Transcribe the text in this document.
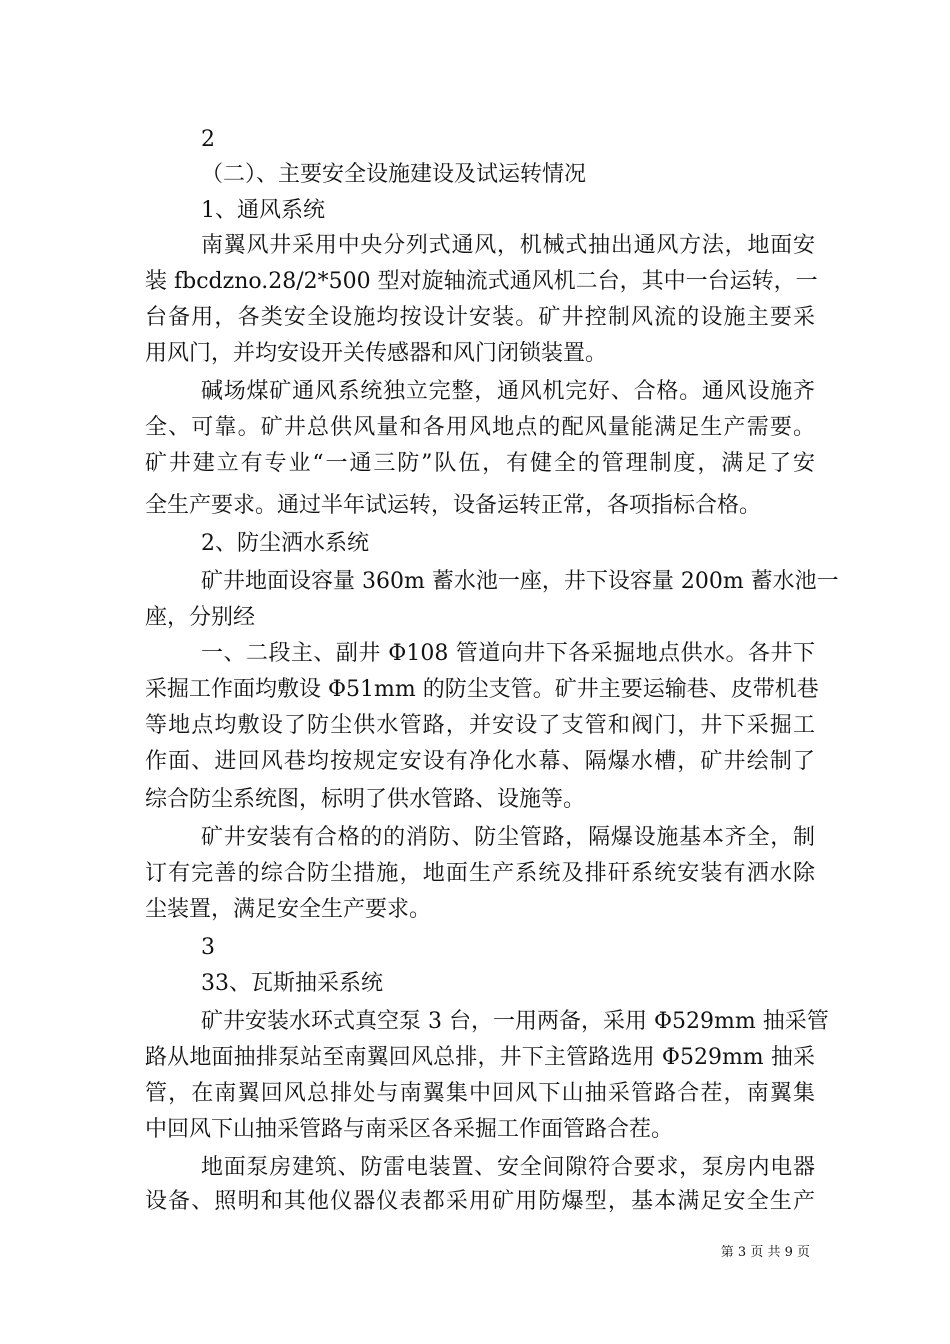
2
（二）、主要安全设施建设及试运转情况
1、通风系统
南翼风井采用中央分列式通风，机械式抽出通风方法，地面安
装 fbcdzno.28/2*500 型对旋轴流式通风机二台，其中一台运转，一
台备用，各类安全设施均按设计安装。矿井控制风流的设施主要采
用风门，并均安设开关传感器和风门闭锁装置。
碱场煤矿通风系统独立完整，通风机完好、合格。通风设施齐
全、可靠。矿井总供风量和各用风地点的配风量能满足生产需要。
矿井建立有专业“一通三防”队伍，有健全的管理制度，满足了安
全生产要求。通过半年试运转，设备运转正常，各项指标合格。
2、防尘洒水系统
矿井地面设容量 360m 蓄水池一座，井下设容量 200m 蓄水池一
座，分别经
一、二段主、副井 Φ108 管道向井下各采掘地点供水。各井下
采掘工作面均敷设 Φ51mm 的防尘支管。矿井主要运输巷、皮带机巷
等地点均敷设了防尘供水管路，并安设了支管和阀门，井下采掘工
作面、进回风巷均按规定安设有净化水幕、隔爆水槽，矿井绘制了
综合防尘系统图，标明了供水管路、设施等。
矿井安装有合格的的消防、防尘管路，隔爆设施基本齐全，制
订有完善的综合防尘措施，地面生产系统及排矸系统安装有洒水除
尘装置，满足安全生产要求。
3
33、瓦斯抽采系统
矿井安装水环式真空泵 3 台，一用两备，采用 Φ529mm 抽采管
路从地面抽排泵站至南翼回风总排，井下主管路选用 Φ529mm 抽采
管，在南翼回风总排处与南翼集中回风下山抽采管路合茬，南翼集
中回风下山抽采管路与南采区各采掘工作面管路合茬。
地面泵房建筑、防雷电装置、安全间隙符合要求，泵房内电器
设备、照明和其他仪器仪表都采用矿用防爆型，基本满足安全生产
第 3 页 共 9 页
